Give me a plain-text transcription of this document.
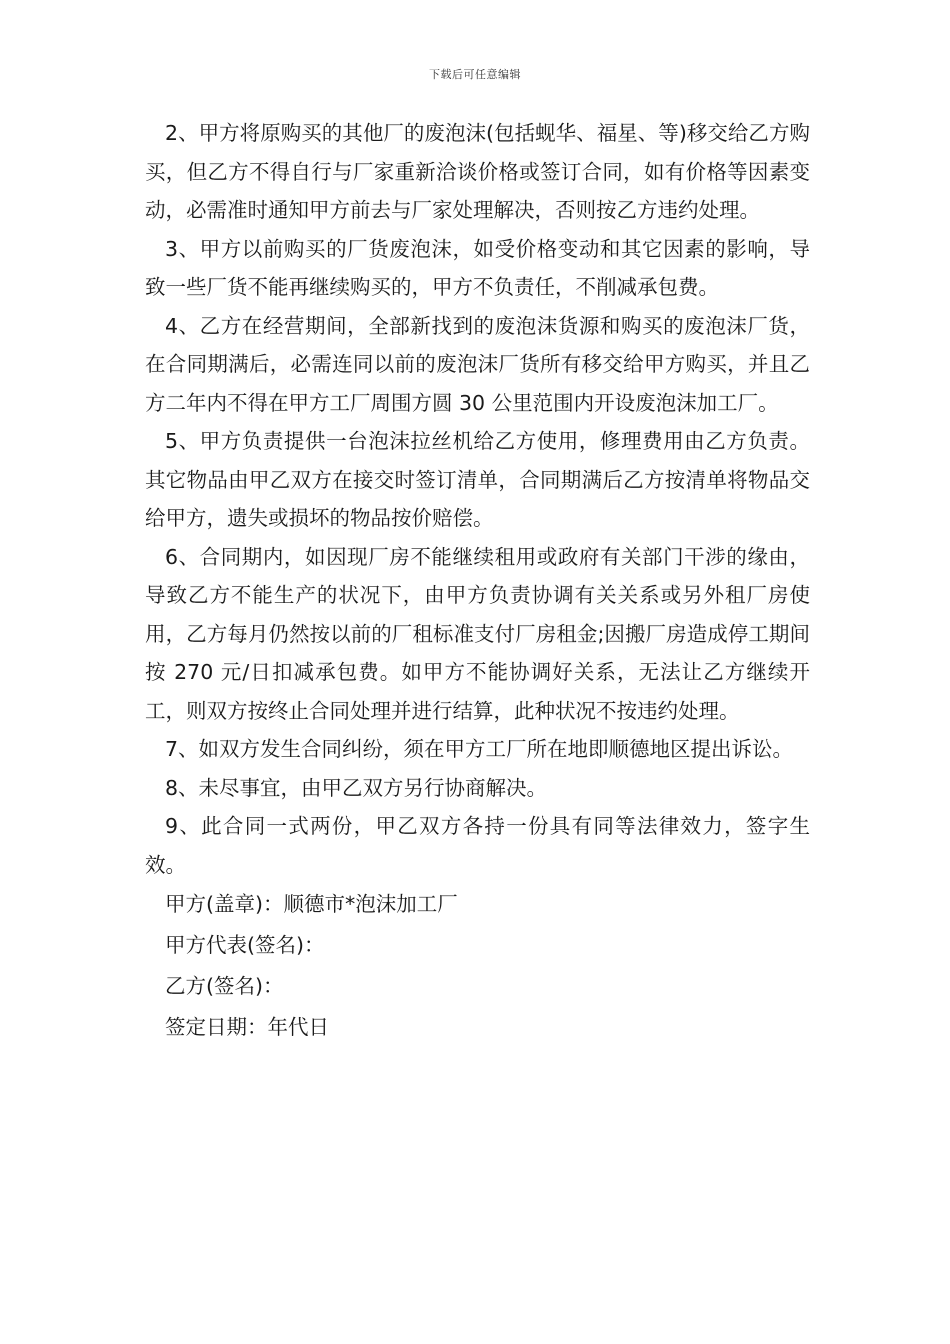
下载后可任意编辑

2、甲方将原购买的其他厂的废泡沫(包括蚬华、福星、等)移交给乙方购买，但乙方不得自行与厂家重新洽谈价格或签订合同，如有价格等因素变动，必需准时通知甲方前去与厂家处理解决，否则按乙方违约处理。

3、甲方以前购买的厂货废泡沫，如受价格变动和其它因素的影响，导致一些厂货不能再继续购买的，甲方不负责任，不削减承包费。

4、乙方在经营期间，全部新找到的废泡沫货源和购买的废泡沫厂货，在合同期满后，必需连同以前的废泡沫厂货所有移交给甲方购买，并且乙方二年内不得在甲方工厂周围方圆 30 公里范围内开设废泡沫加工厂。

5、甲方负责提供一台泡沫拉丝机给乙方使用，修理费用由乙方负责。其它物品由甲乙双方在接交时签订清单，合同期满后乙方按清单将物品交给甲方，遗失或损坏的物品按价赔偿。

6、合同期内，如因现厂房不能继续租用或政府有关部门干涉的缘由，导致乙方不能生产的状况下，由甲方负责协调有关关系或另外租厂房使用，乙方每月仍然按以前的厂租标准支付厂房租金;因搬厂房造成停工期间按 270 元/日扣减承包费。如甲方不能协调好关系，无法让乙方继续开工，则双方按终止合同处理并进行结算，此种状况不按违约处理。

7、如双方发生合同纠纷，须在甲方工厂所在地即顺德地区提出诉讼。

8、未尽事宜，由甲乙双方另行协商解决。

9、此合同一式两份，甲乙双方各持一份具有同等法律效力，签字生效。

甲方(盖章)：顺德市*泡沫加工厂

甲方代表(签名)：

乙方(签名)：

签定日期：年代日
